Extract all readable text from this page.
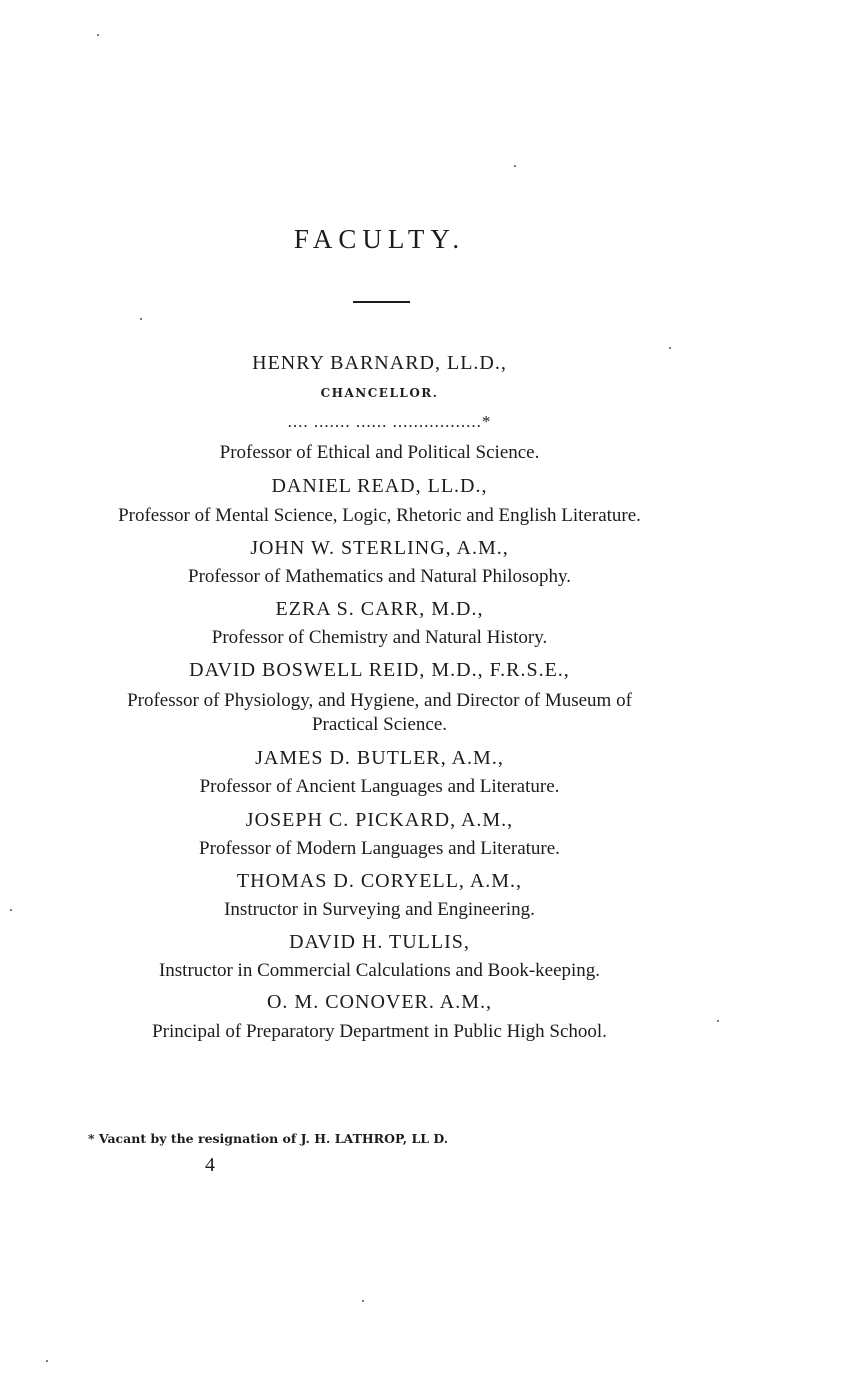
FACULTY.
HENRY BARNARD, LL.D.,
CHANCELLOR.
.... ....... ...... .................*
Professor of Ethical and Political Science.
DANIEL READ, LL.D.,
Professor of Mental Science, Logic, Rhetoric and English Literature.
JOHN W. STERLING, A.M.,
Professor of Mathematics and Natural Philosophy.
EZRA S. CARR, M.D.,
Professor of Chemistry and Natural History.
DAVID BOSWELL REID, M.D., F.R.S.E.,
Professor of Physiology, and Hygiene, and Director of Museum of
Practical Science.
JAMES D. BUTLER, A.M.,
Professor of Ancient Languages and Literature.
JOSEPH C. PICKARD, A.M.,
Professor of Modern Languages and Literature.
THOMAS D. CORYELL, A.M.,
Instructor in Surveying and Engineering.
DAVID H. TULLIS,
Instructor in Commercial Calculations and Book-keeping.
O. M. CONOVER. A.M.,
Principal of Preparatory Department in Public High School.
* Vacant by the resignation of J. H. LATHROP, LL D.
4
